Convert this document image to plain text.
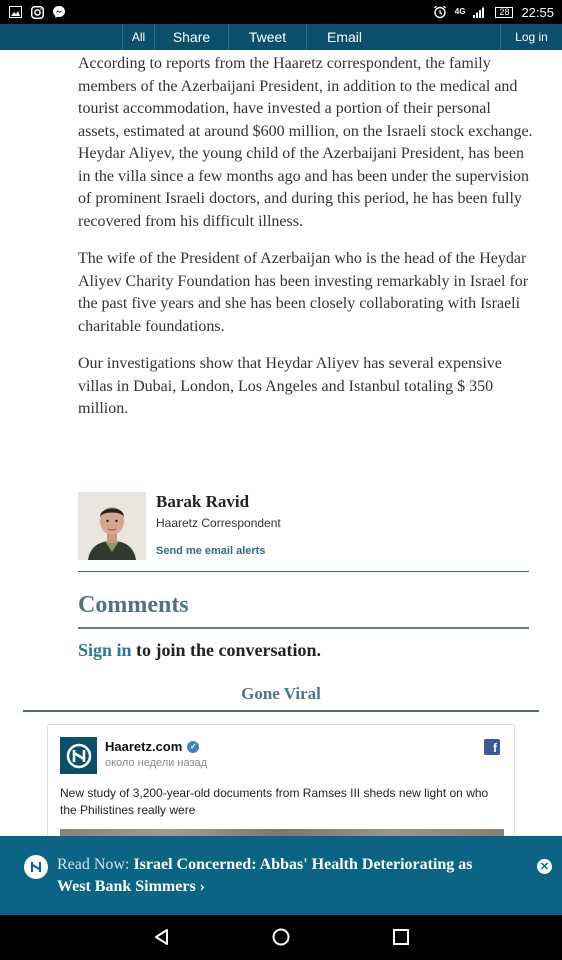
4G	28 22:55
All	Share	Tweet	Email	Log in

According to reports from the Haaretz correspondent, the family members of the Azerbaijani President, in addition to the medical and tourist accommodation, have invested a portion of their personal assets, estimated at around $600 million, on the Israeli stock exchange. Heydar Aliyev, the young child of the Azerbaijani President, has been in the villa since a few months ago and has been under the supervision of prominent Israeli doctors, and during this period, he has been fully recovered from his difficult illness.

The wife of the President of Azerbaijan who is the head of the Heydar Aliyev Charity Foundation has been investing remarkably in Israel for the past five years and she has been closely collaborating with Israeli charitable foundations.

Our investigations show that Heydar Aliyev has several expensive villas in Dubai, London, Los Angeles and Istanbul totaling $ 350 million.

Barak Ravid
Haaretz Correspondent
Send me email alerts
Comments
Sign in to join the conversation.
Gone Viral
Haaretz.com ✓
около недели назад
f
New study of 3,200-year-old documents from Ramses III sheds new light on who the Philistines really were
Read Now: Israel Concerned: Abbas' Health Deteriorating as West Bank Simmers ›
✕
